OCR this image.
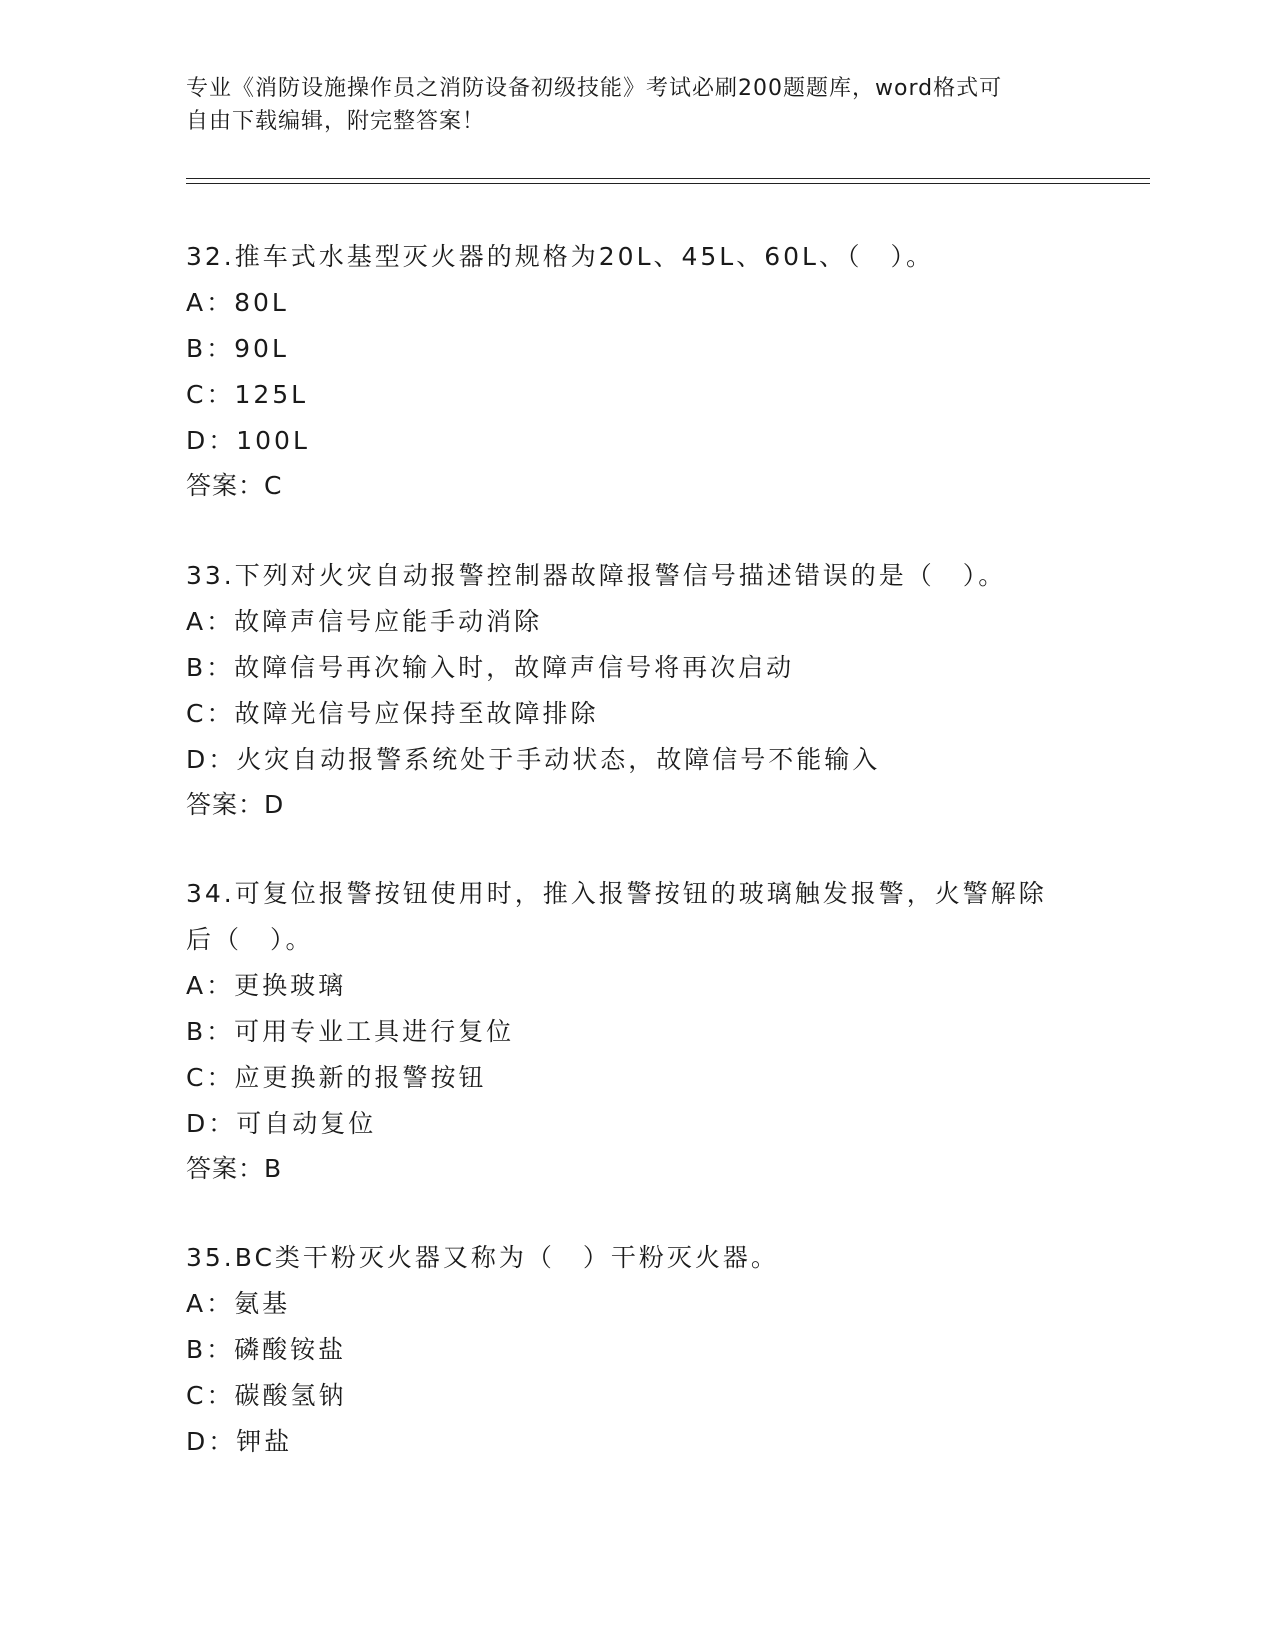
专业《消防设施操作员之消防设备初级技能》考试必刷200题题库，word格式可
自由下载编辑，附完整答案！

32.推车式水基型灭火器的规格为20L、45L、60L、（　）。

A：80L

B：90L

C：125L

D：100L

答案：C

33.下列对火灾自动报警控制器故障报警信号描述错误的是（　）。

A：故障声信号应能手动消除

B：故障信号再次输入时，故障声信号将再次启动

C：故障光信号应保持至故障排除

D：火灾自动报警系统处于手动状态，故障信号不能输入

答案：D

34.可复位报警按钮使用时，推入报警按钮的玻璃触发报警，火警解除

后（　）。

A：更换玻璃

B：可用专业工具进行复位

C：应更换新的报警按钮

D：可自动复位

答案：B

35.BC类干粉灭火器又称为（　）干粉灭火器。

A：氨基

B：磷酸铵盐

C：碳酸氢钠

D：钾盐
